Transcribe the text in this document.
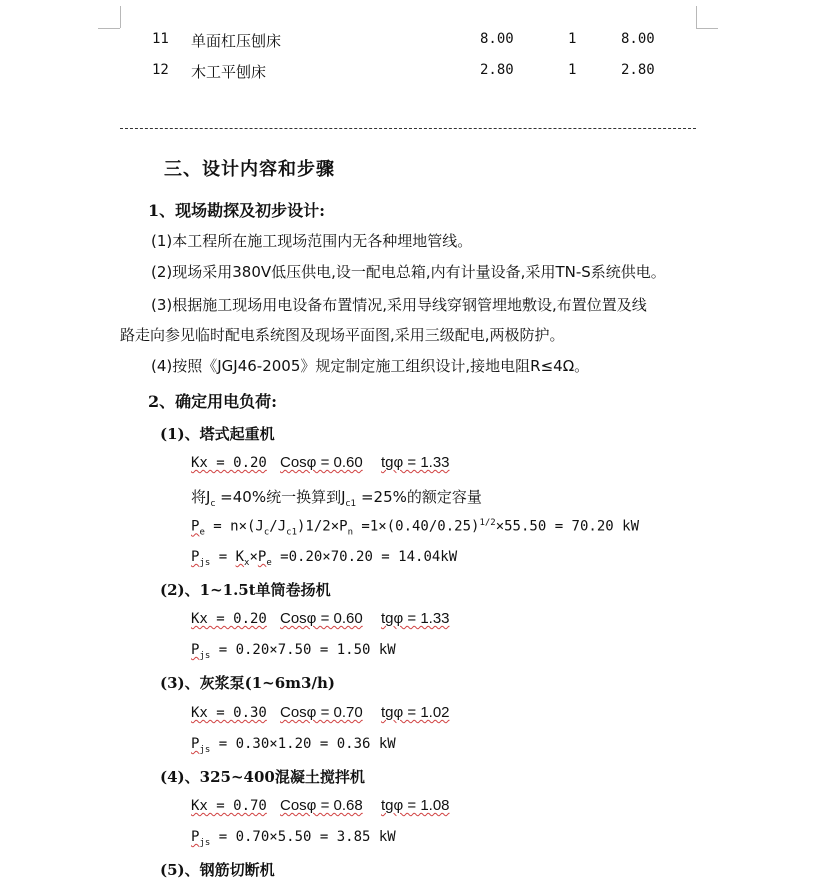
11 单面杠压刨床	8.00	1	8.00
12 木工平刨床	2.80	1	2.80
三、设计内容和步骤
1、现场勘探及初步设计:
(1)本工程所在施工现场范围内无各种埋地管线。
(2)现场采用380V低压供电,设一配电总箱,内有计量设备,采用TN-S系统供电。
(3)根据施工现场用电设备布置情况,采用导线穿钢管埋地敷设,布置位置及线
路走向参见临时配电系统图及现场平面图,采用三级配电,两极防护。
(4)按照《JGJ46-2005》规定制定施工组织设计,接地电阻R≤4Ω。
2、确定用电负荷:
(1)、塔式起重机
Kx = 0.20 Cosφ = 0.60 tgφ = 1.33
将$J_c =40\%$统一换算到$J_{c1} =25\%$的额定容量
$P_e = n\times(J_c/J_{c1})1/2\times P_n =1\times(0.40/0.25)^{1/2}\times 55.50 = 70.20$ kW
$P_{js} = K_x\times P_e =0.20\times 70.20 = 14.04kW$
(2)、1~1.5t单筒卷扬机
Kx = 0.20 Cosφ = 0.60 tgφ = 1.33
$P_{js} = 0.20\times 7.50 = 1.50$ kW
(3)、灰浆泵(1~6m3/h)
Kx = 0.30 Cosφ = 0.70 tgφ = 1.02
$P_{js} = 0.30\times 1.20 = 0.36$ kW
(4)、325~400混凝土搅拌机
Kx = 0.70 Cosφ = 0.68 tgφ = 1.08
$P_{js} = 0.70\times 5.50 = 3.85$ kW
(5)、钢筋切断机
